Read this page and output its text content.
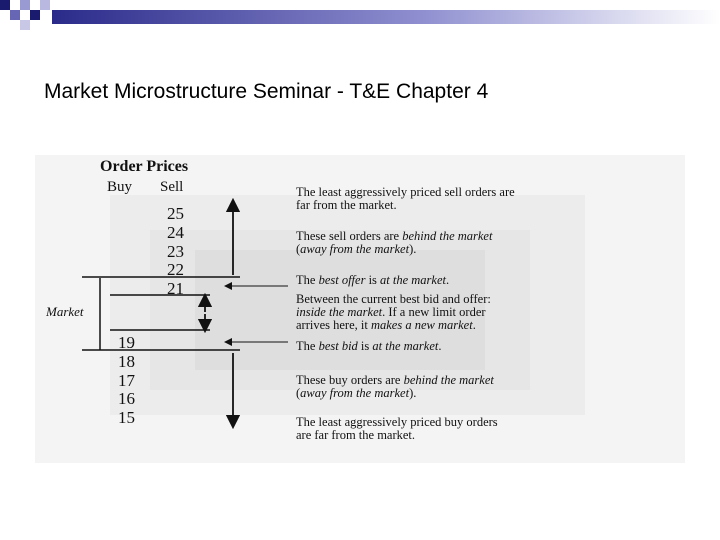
Market Microstructure Seminar - T&E Chapter 4
Order Prices
Buy Sell
25
24
23
22
21
19
18
17
16
15
Market
The least aggressively priced sell orders are
far from the market.
These sell orders are behind the market
(away from the market).
The best offer is at the market.
Between the current best bid and offer:
inside the market. If a new limit order
arrives here, it makes a new market.
The best bid is at the market.
These buy orders are behind the market
(away from the market).
The least aggressively priced buy orders
are far from the market.
